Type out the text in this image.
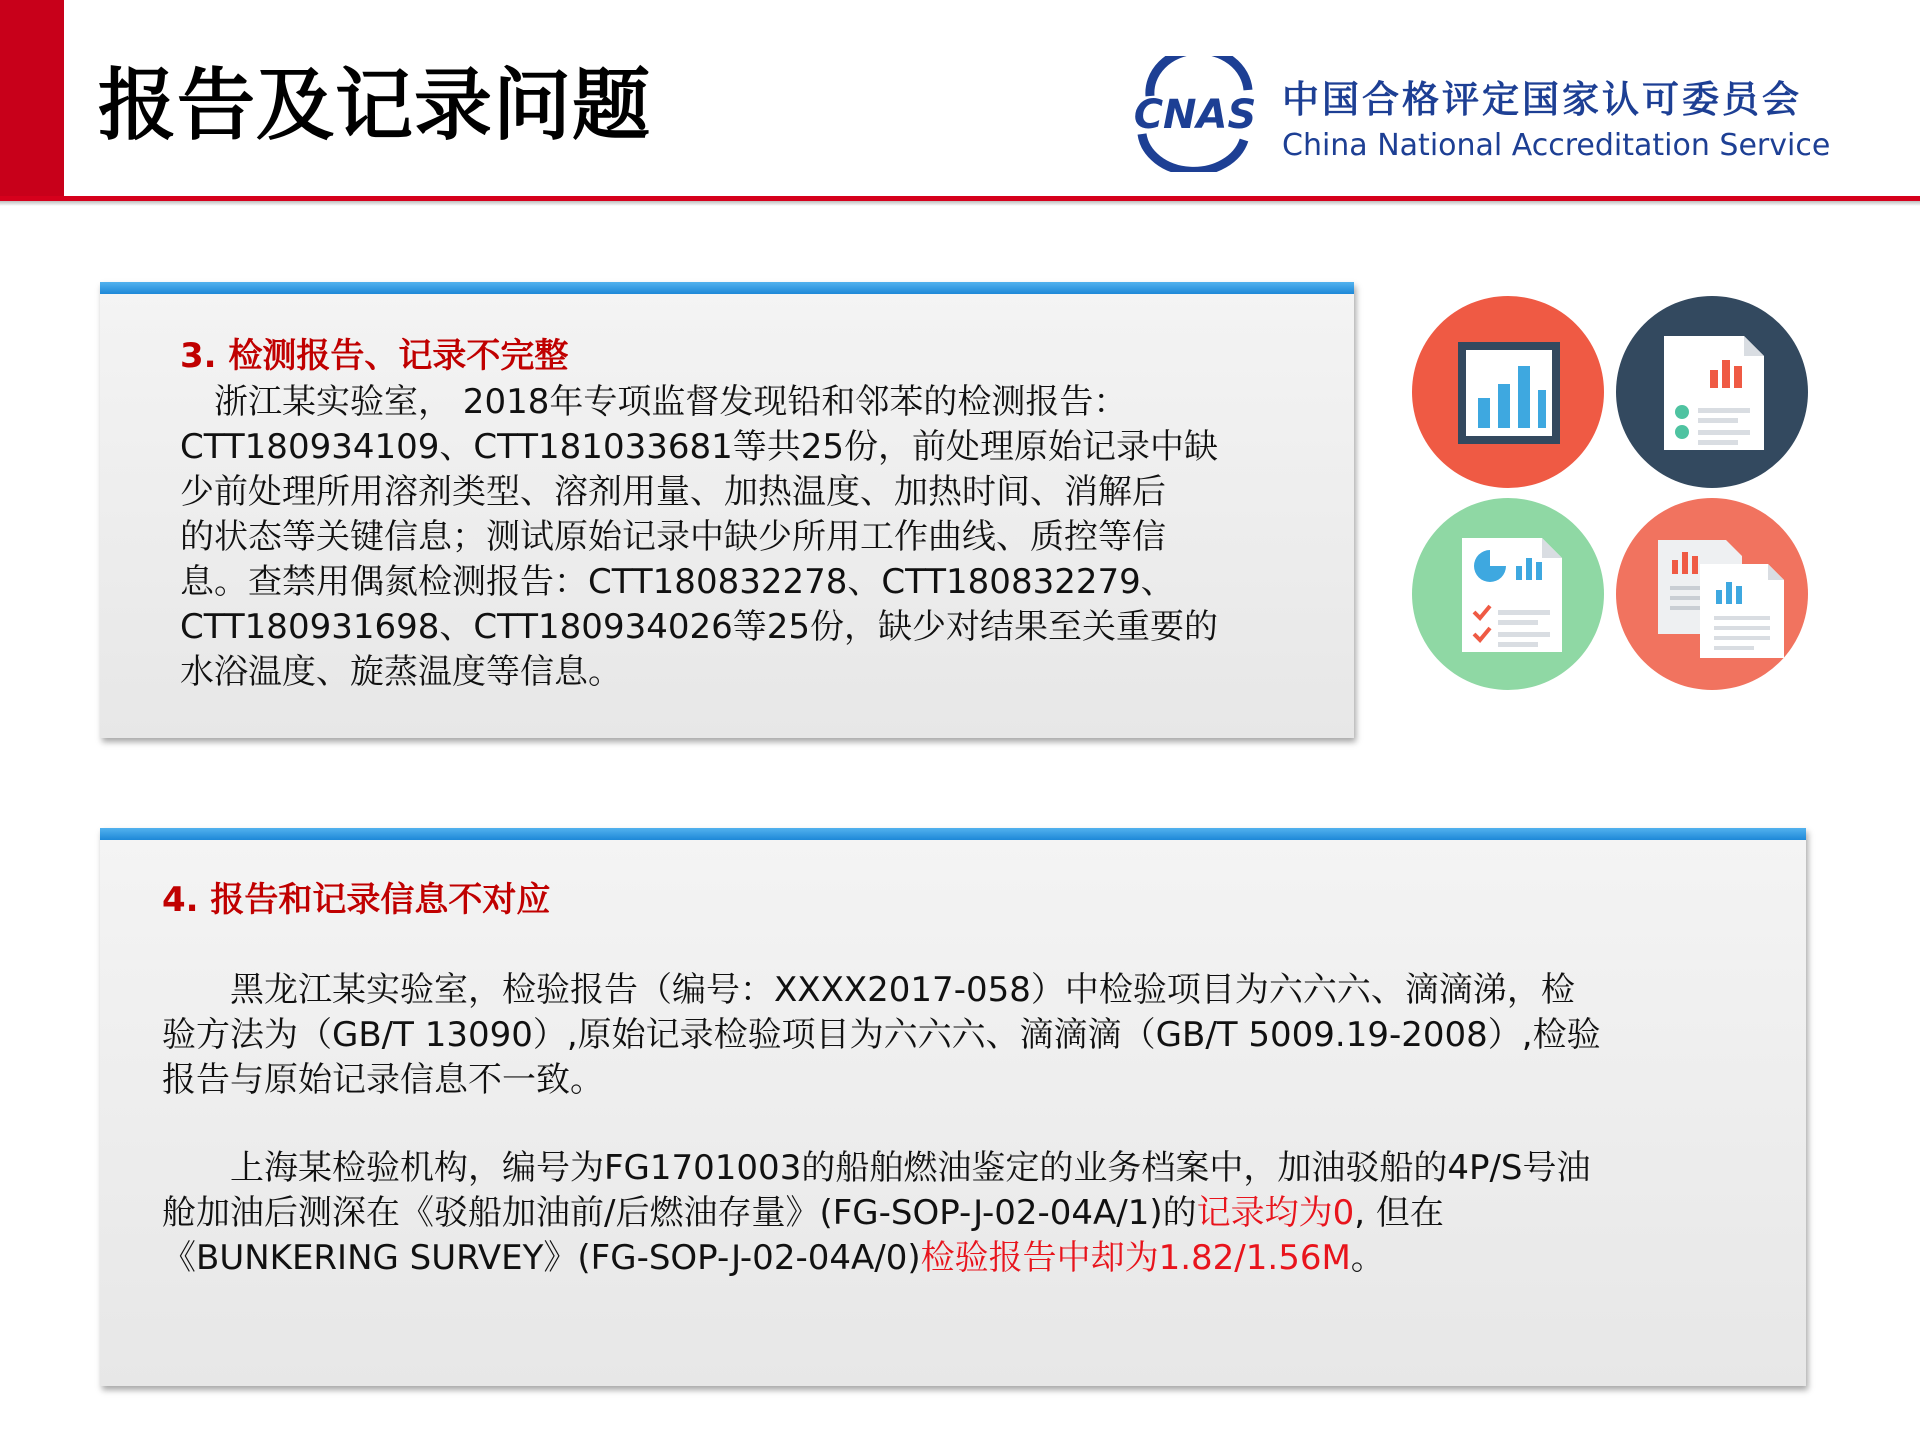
报告及记录问题	CNAS 中国合格评定国家认可委员会
China National Accreditation Service
3. 检测报告、记录不完整
　浙江某实验室， 2018年专项监督发现铅和邻苯的检测报告：
CTT180934109、CTT181033681等共25份，前处理原始记录中缺
少前处理所用溶剂类型、溶剂用量、加热温度、加热时间、消解后
的状态等关键信息；测试原始记录中缺少所用工作曲线、质控等信
息。查禁用偶氮检测报告：CTT180832278、CTT180832279、
CTT180931698、CTT180934026等25份，缺少对结果至关重要的
水浴温度、旋蒸温度等信息。
4. 报告和记录信息不对应
　　黑龙江某实验室，检验报告（编号：XXXX2017-058）中检验项目为六六六、滴滴涕，检
验方法为（GB/T 13090）,原始记录检验项目为六六六、滴滴滴（GB/T 5009.19-2008）,检验
报告与原始记录信息不一致。
　　上海某检验机构，编号为FG1701003的船舶燃油鉴定的业务档案中，加油驳船的4P/S号油
舱加油后测深在《驳船加油前/后燃油存量》(FG-SOP-J-02-04A/1)的记录均为0, 但在
《BUNKERING SURVEY》(FG-SOP-J-02-04A/0)检验报告中却为1.82/1.56M。
